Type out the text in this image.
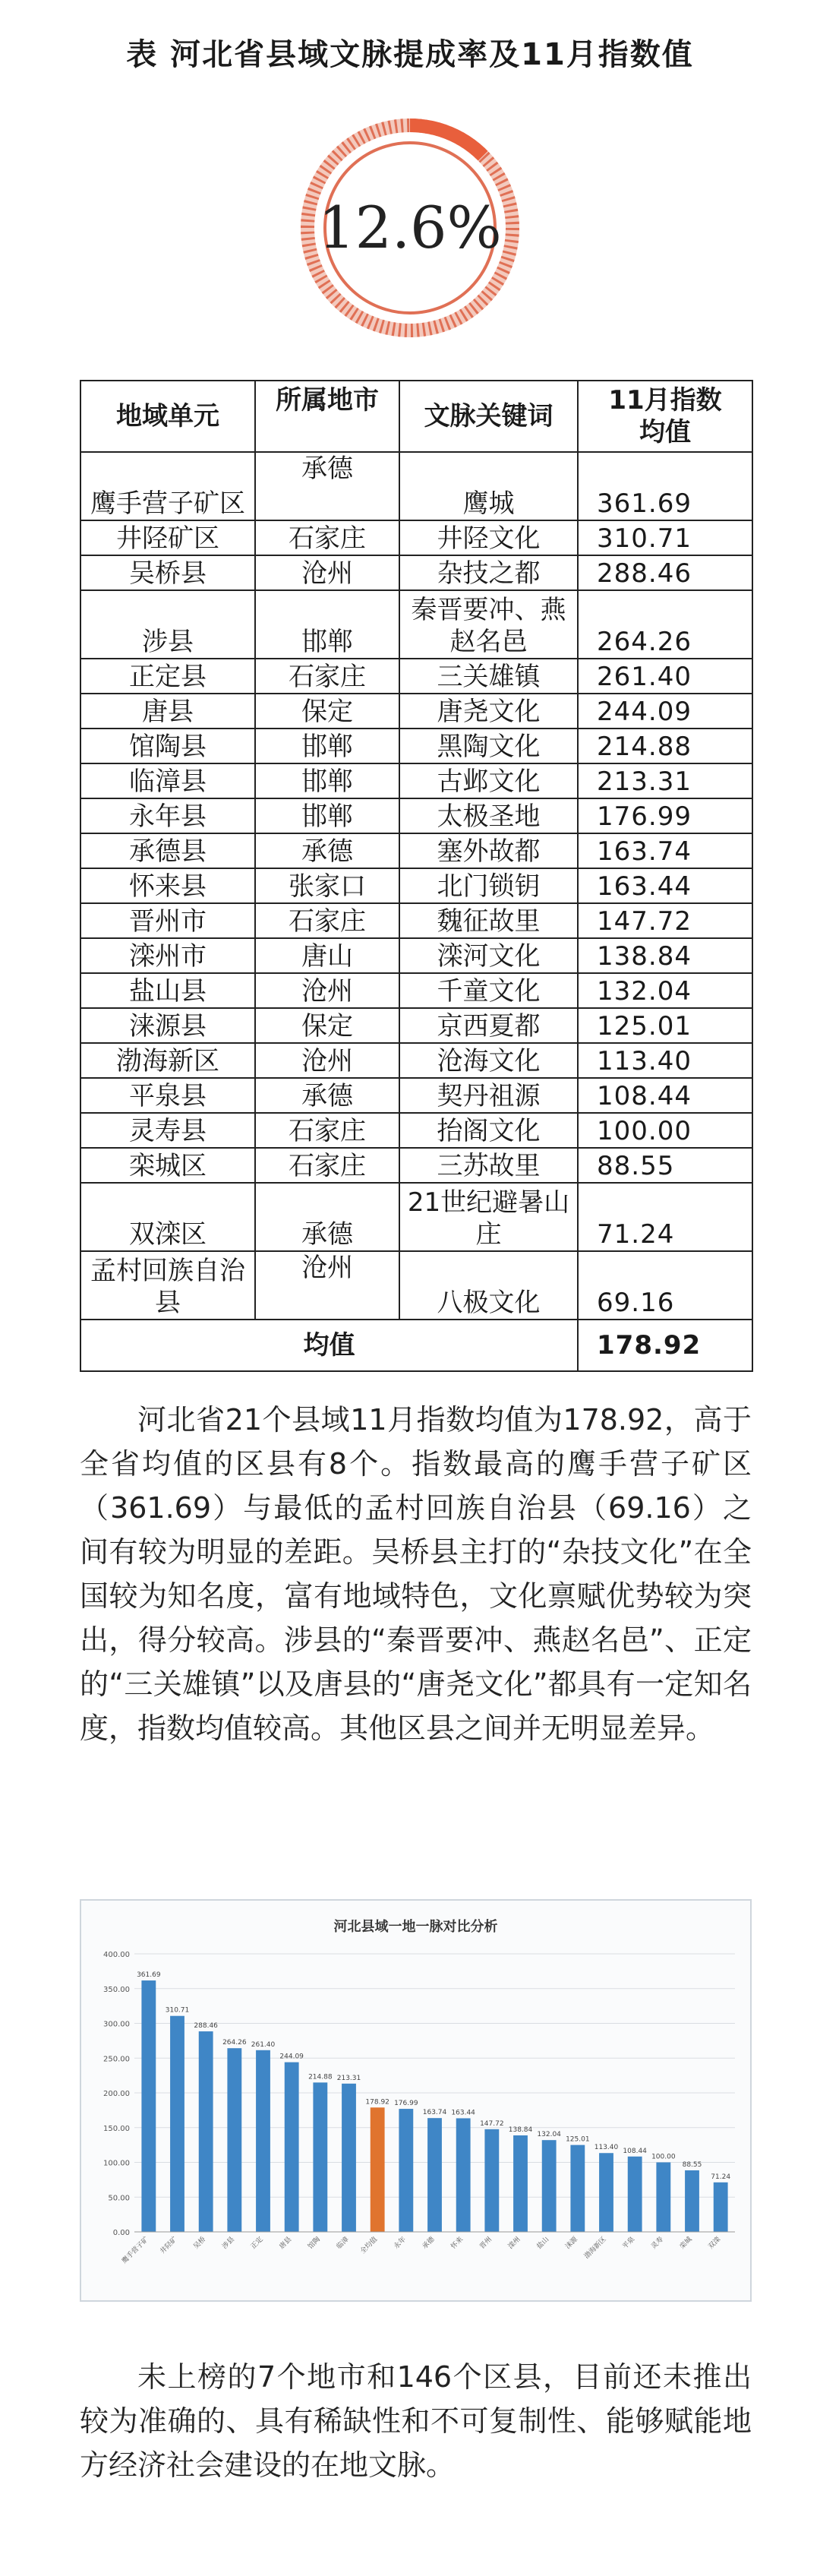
表 河北省县域文脉提成率及11月指数值
12.6%
地域单元	所属地市	文脉关键词	11月指数均值
鹰手营子矿区	承德	鹰城	361.69
井陉矿区	石家庄	井陉文化	310.71
吴桥县	沧州	杂技之都	288.46
涉县	邯郸	秦晋要冲、燕赵名邑	264.26
正定县	石家庄	三关雄镇	261.40
唐县	保定	唐尧文化	244.09
馆陶县	邯郸	黑陶文化	214.88
临漳县	邯郸	古邺文化	213.31
永年县	邯郸	太极圣地	176.99
承德县	承德	塞外故都	163.74
怀来县	张家口	北门锁钥	163.44
晋州市	石家庄	魏征故里	147.72
滦州市	唐山	滦河文化	138.84
盐山县	沧州	千童文化	132.04
涞源县	保定	京西夏都	125.01
渤海新区	沧州	沧海文化	113.40
平泉县	承德	契丹祖源	108.44
灵寿县	石家庄	抬阁文化	100.00
栾城区	石家庄	三苏故里	88.55
双滦区	承德	21世纪避暑山庄	71.24
孟村回族自治县	沧州	八极文化	69.16
均值			178.92
河北省21个县域11月指数均值为178.92，高于全省均值的区县有8个。指数最高的鹰手营子矿区（361.69）与最低的孟村回族自治县（69.16）之间有较为明显的差距。吴桥县主打的“杂技文化”在全国较为知名度，富有地域特色，文化禀赋优势较为突出，得分较高。涉县的“秦晋要冲、燕赵名邑”、正定的“三关雄镇”以及唐县的“唐尧文化”都具有一定知名度，指数均值较高。其他区县之间并无明显差异。
河北县域一地一脉对比分析
0.00
50.00
100.00
150.00
200.00
250.00
300.00
350.00
400.00
361.69
鹰手营子矿
310.71
井陉矿
288.46
吴桥
264.26
涉县
261.40
正定
244.09
唐县
214.88
馆陶
213.31
临漳
178.92
全均值
176.99
永年
163.74
承德
163.44
怀来
147.72
晋州
138.84
滦州
132.04
盐山
125.01
涞源
113.40
渤海新区
108.44
平泉
100.00
灵寿
88.55
栾城
71.24
双滦
未上榜的7个地市和146个区县，目前还未推出较为准确的、具有稀缺性和不可复制性、能够赋能地方经济社会建设的在地文脉。
